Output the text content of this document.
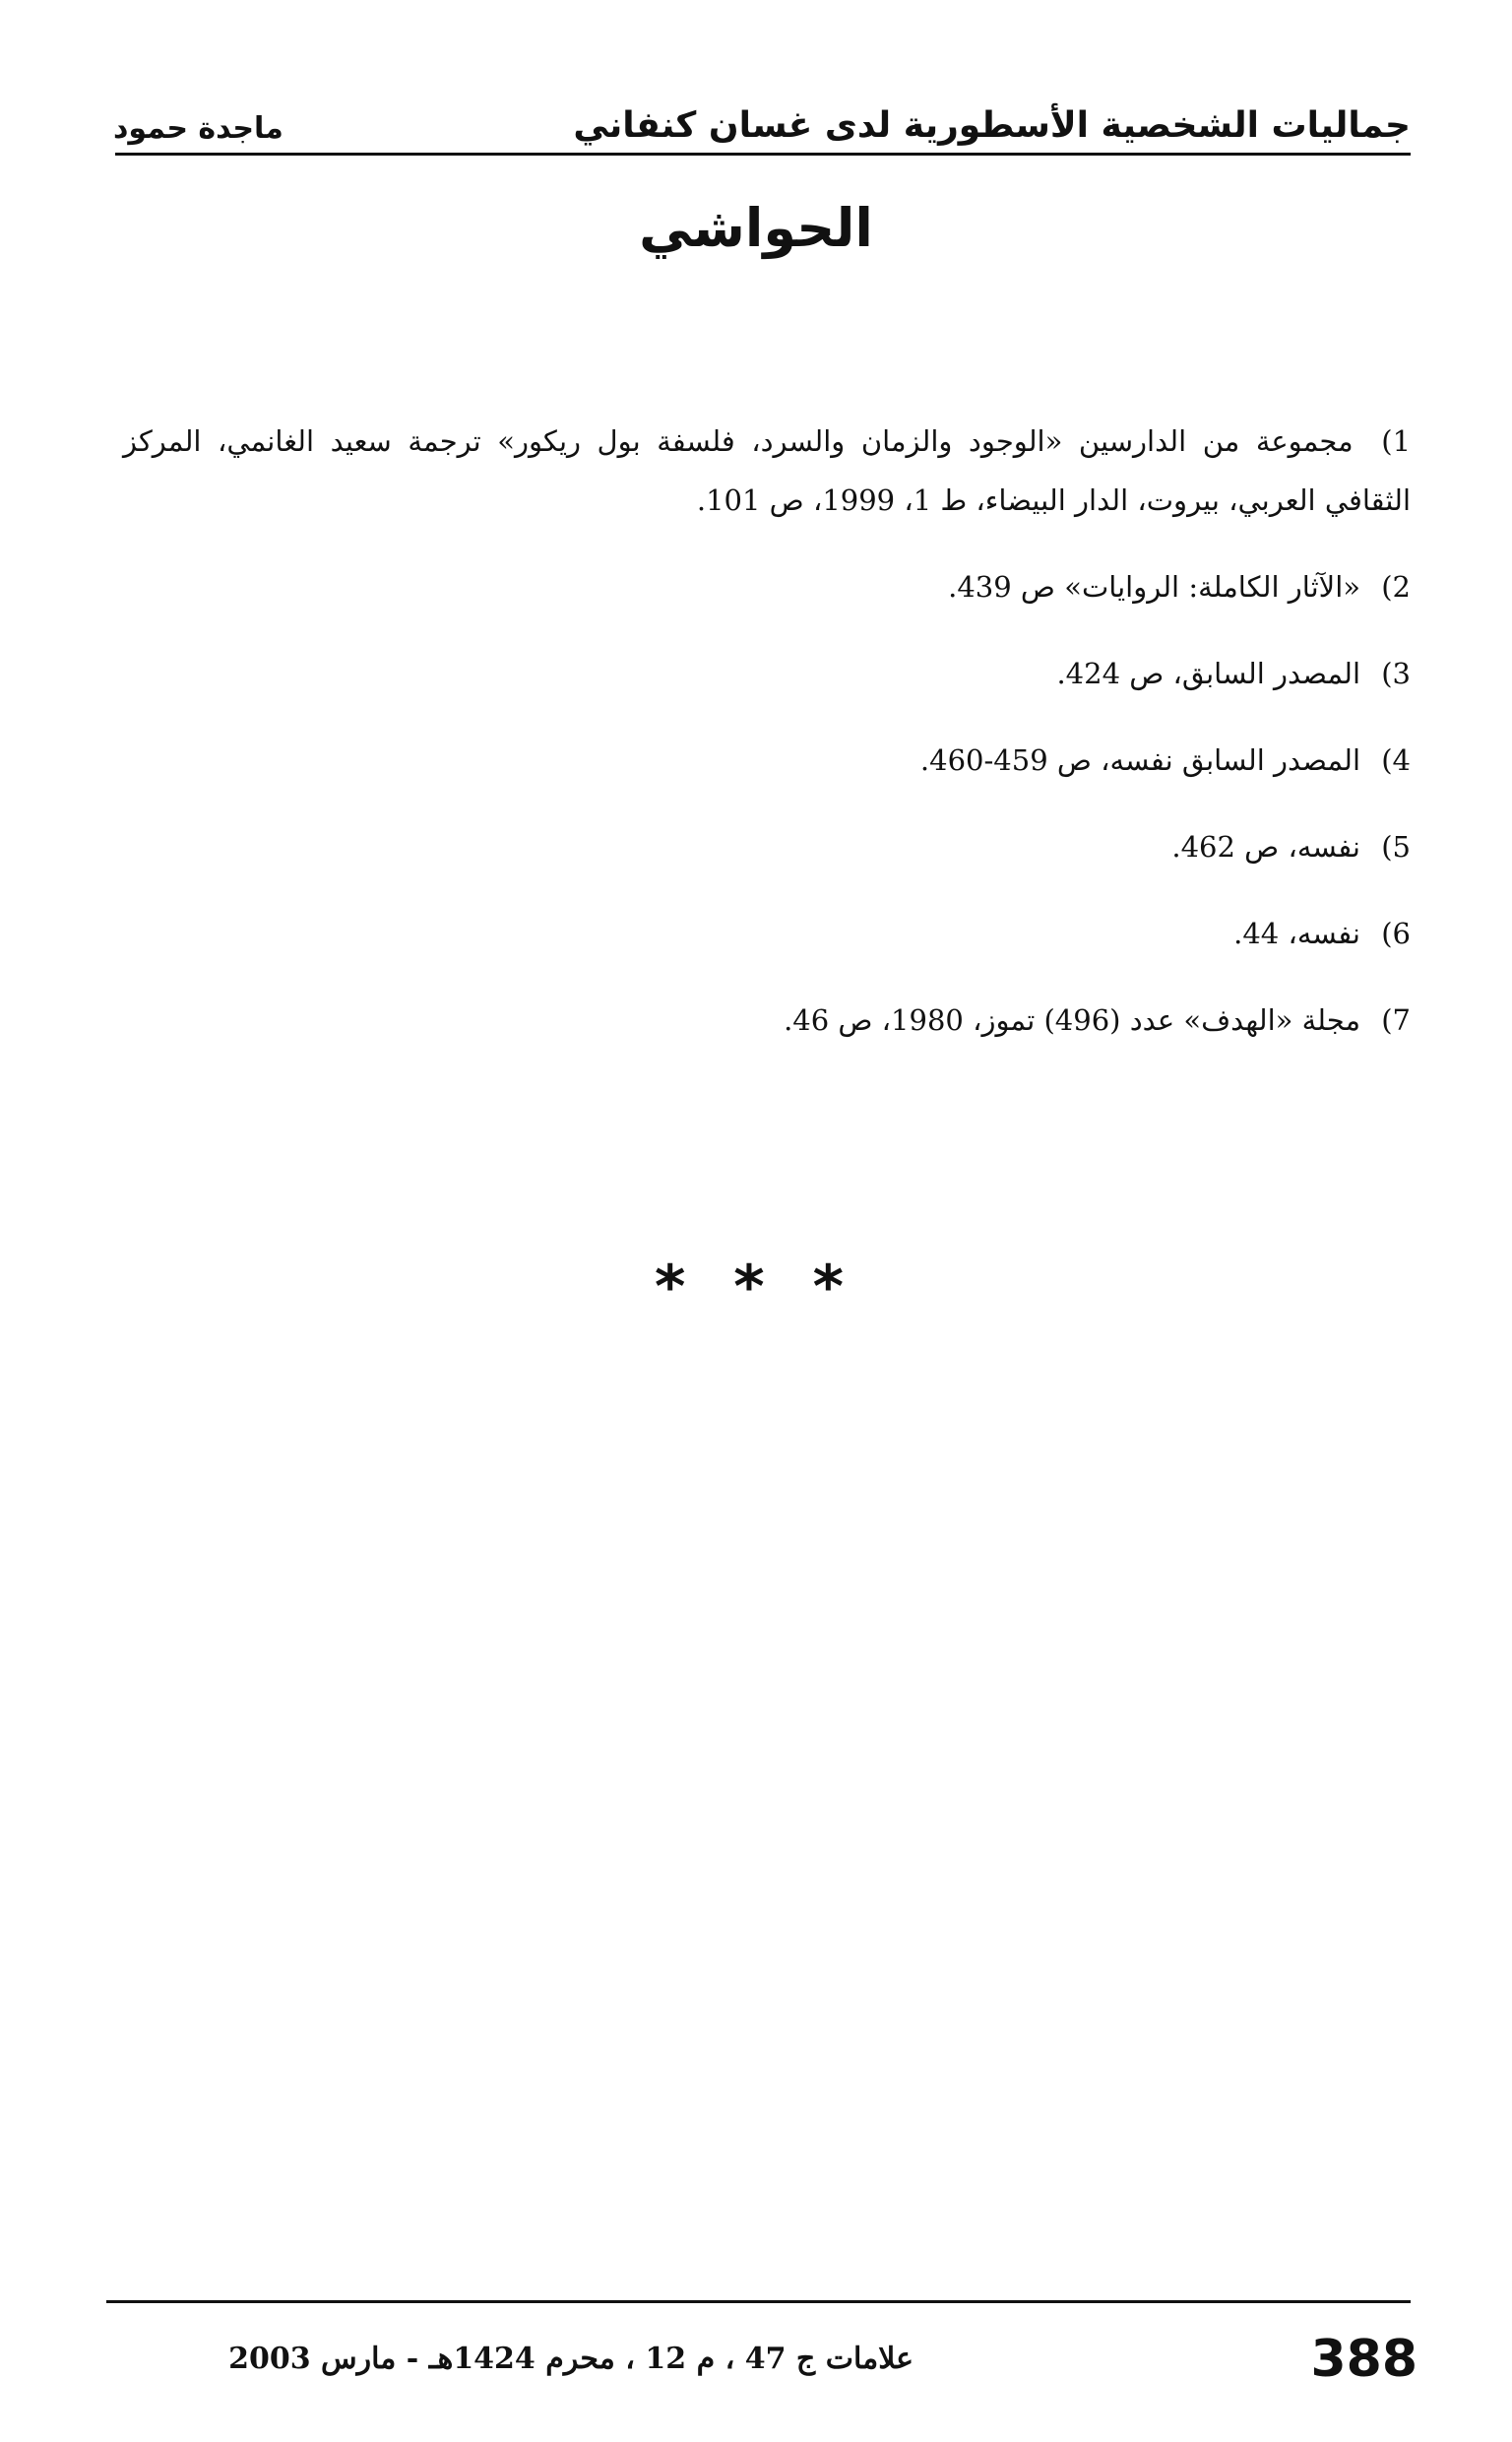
جماليات الشخصية الأسطورية لدى غسان كنفاني
ماجدة حمود
الحواشي
1) مجموعة من الدارسين «الوجود والزمان والسرد، فلسفة بول ريكور» ترجمة سعيد الغانمي، المركز الثقافي العربي، بيروت، الدار البيضاء، ط 1، 1999، ص 101.
2) «الآثار الكاملة: الروايات» ص 439.
3) المصدر السابق، ص 424.
4) المصدر السابق نفسه، ص 459-460.
5) نفسه، ص 462.
6) نفسه، 44.
7) مجلة «الهدف» عدد (496) تموز، 1980، ص 46.
* * *
388
علامات ج 47 ، م 12 ، محرم 1424هـ - مارس 2003
